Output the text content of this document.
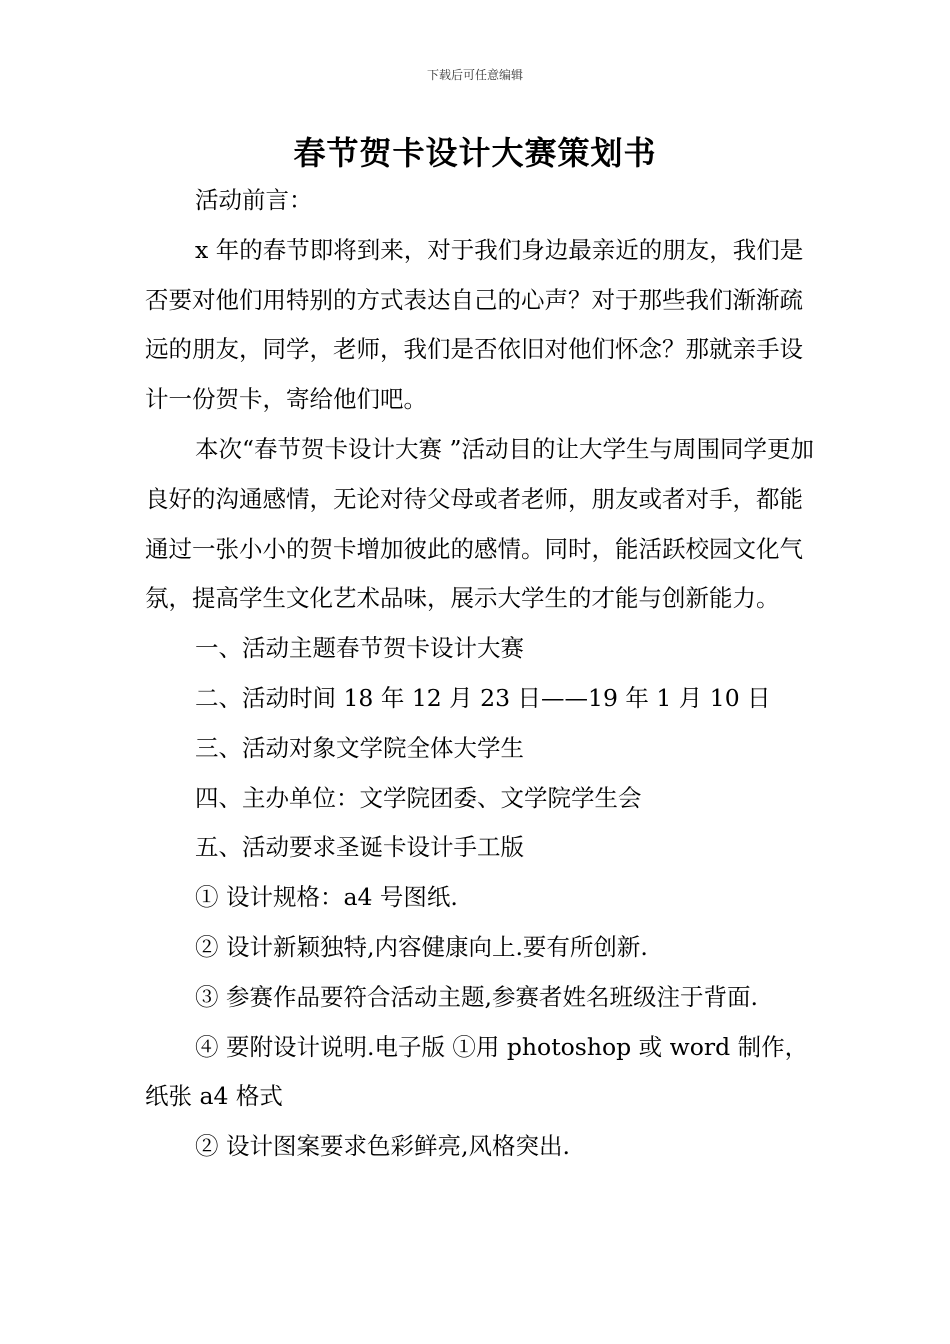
下载后可任意编辑
春节贺卡设计大赛策划书

活动前言：

x 年的春节即将到来，对于我们身边最亲近的朋友，我们是否要对他们用特别的方式表达自己的心声？对于那些我们渐渐疏远的朋友，同学，老师，我们是否依旧对他们怀念？那就亲手设计一份贺卡，寄给他们吧。

本次“春节贺卡设计大赛 ”活动目的让大学生与周围同学更加良好的沟通感情，无论对待父母或者老师，朋友或者对手，都能通过一张小小的贺卡增加彼此的感情。同时，能活跃校园文化气氛，提高学生文化艺术品味，展示大学生的才能与创新能力。

一、活动主题春节贺卡设计大赛

二、活动时间 18 年 12 月 23 日——19 年 1 月 10 日

三、活动对象文学院全体大学生

四、主办单位：文学院团委、文学院学生会

五、活动要求圣诞卡设计手工版

① 设计规格：a4 号图纸.

② 设计新颖独特,内容健康向上.要有所创新.

③ 参赛作品要符合活动主题,参赛者姓名班级注于背面.

④ 要附设计说明.电子版 ①用 photoshop 或 word 制作，纸张 a4 格式

② 设计图案要求色彩鲜亮,风格突出.
